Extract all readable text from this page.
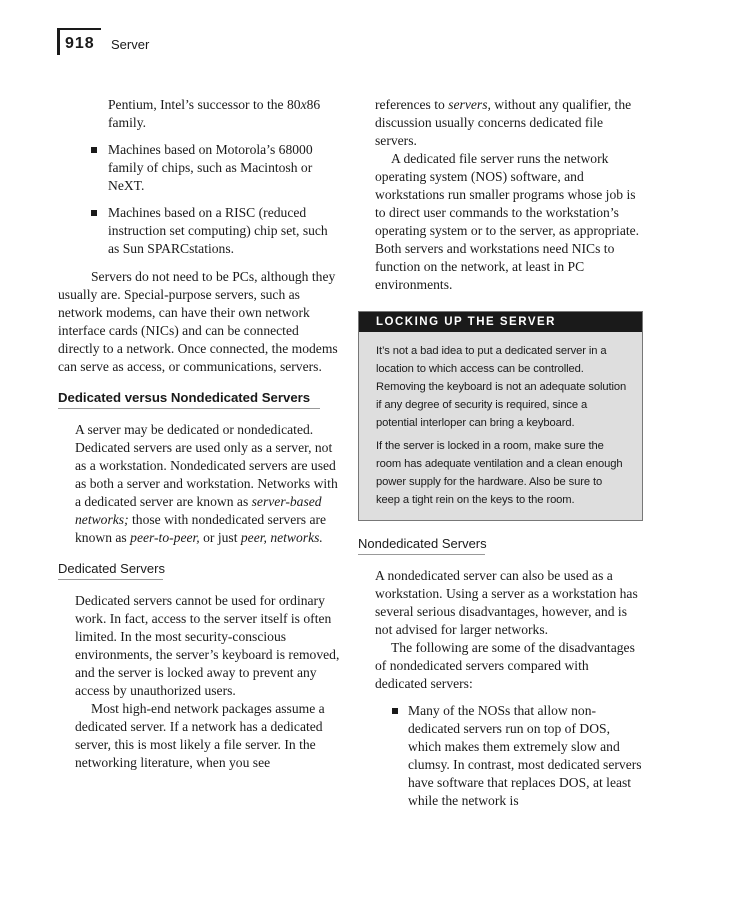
918 Server

Pentium, Intel’s successor to the 80x86 family.

Machines based on Motorola’s 68000 family of chips, such as Macintosh or NeXT.
Machines based on a RISC (reduced instruction set computing) chip set, such as Sun SPARCstations.

Servers do not need to be PCs, although they usually are. Special-purpose servers, such as network modems, can have their own network interface cards (NICs) and can be connected directly to a network. Once connected, the modems can serve as access, or communications, servers.

Dedicated versus Nondedicated Servers

A server may be dedicated or nondedicated. Dedicated servers are used only as a server, not as a workstation. Nondedicated servers are used as both a server and workstation. Networks with a dedicated server are known as server-based networks; those with nondedicated servers are known as peer-to-peer, or just peer, networks.

Dedicated Servers

Dedicated servers cannot be used for ordinary work. In fact, access to the server itself is often limited. In the most security-conscious environments, the server’s keyboard is removed, and the server is locked away to prevent any access by unauthorized users.

Most high-end network packages assume a dedicated server. If a network has a dedicated server, this is most likely a file server. In the networking literature, when you see

references to servers, without any qualifier, the discussion usually concerns dedicated file servers.

A dedicated file server runs the network operating system (NOS) software, and workstations run smaller programs whose job is to direct user commands to the workstation’s operating system or to the server, as appropriate. Both servers and workstations need NICs to function on the network, at least in PC environments.

LOCKING UP THE SERVER

It’s not a bad idea to put a dedicated server in a location to which access can be controlled. Removing the keyboard is not an adequate solution if any degree of security is required, since a potential interloper can bring a keyboard.

If the server is locked in a room, make sure the room has adequate ventilation and a clean enough power supply for the hardware. Also be sure to keep a tight rein on the keys to the room.

Nondedicated Servers

A nondedicated server can also be used as a workstation. Using a server as a workstation has several serious disadvantages, however, and is not advised for larger networks.

The following are some of the disadvantages of nondedicated servers compared with dedicated servers:

Many of the NOSs that allow non-dedicated servers run on top of DOS, which makes them extremely slow and clumsy. In contrast, most dedicated servers have software that replaces DOS, at least while the network is
